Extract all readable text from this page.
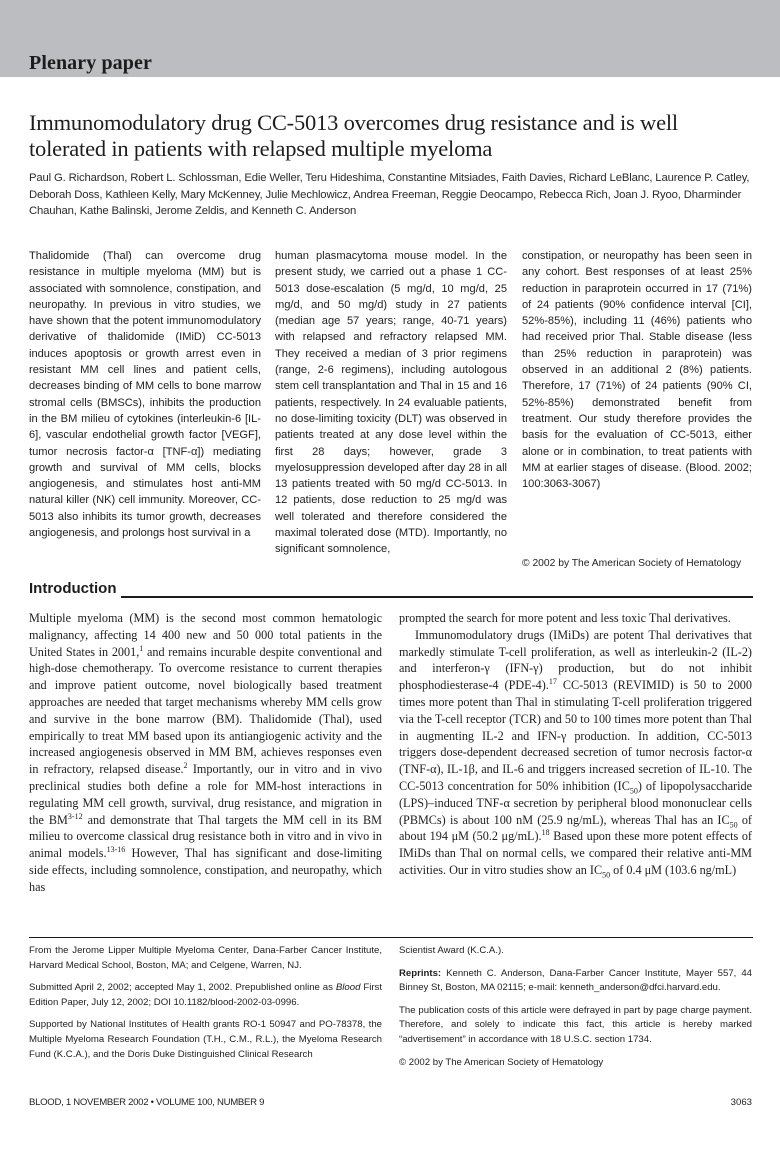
Plenary paper
Immunomodulatory drug CC-5013 overcomes drug resistance and is well tolerated in patients with relapsed multiple myeloma
Paul G. Richardson, Robert L. Schlossman, Edie Weller, Teru Hideshima, Constantine Mitsiades, Faith Davies, Richard LeBlanc, Laurence P. Catley, Deborah Doss, Kathleen Kelly, Mary McKenney, Julie Mechlowicz, Andrea Freeman, Reggie Deocampo, Rebecca Rich, Joan J. Ryoo, Dharminder Chauhan, Kathe Balinski, Jerome Zeldis, and Kenneth C. Anderson
Thalidomide (Thal) can overcome drug resistance in multiple myeloma (MM) but is associated with somnolence, constipation, and neuropathy. In previous in vitro studies, we have shown that the potent immunomodulatory derivative of thalidomide (IMiD) CC-5013 induces apoptosis or growth arrest even in resistant MM cell lines and patient cells, decreases binding of MM cells to bone marrow stromal cells (BMSCs), inhibits the production in the BM milieu of cytokines (interleukin-6 [IL-6], vascular endothelial growth factor [VEGF], tumor necrosis factor-α [TNF-α]) mediating growth and survival of MM cells, blocks angiogenesis, and stimulates host anti-MM natural killer (NK) cell immunity. Moreover, CC-5013 also inhibits its tumor growth, decreases angiogenesis, and prolongs host survival in a
human plasmacytoma mouse model. In the present study, we carried out a phase 1 CC-5013 dose-escalation (5 mg/d, 10 mg/d, 25 mg/d, and 50 mg/d) study in 27 patients (median age 57 years; range, 40-71 years) with relapsed and refractory relapsed MM. They received a median of 3 prior regimens (range, 2-6 regimens), including autologous stem cell transplantation and Thal in 15 and 16 patients, respectively. In 24 evaluable patients, no dose-limiting toxicity (DLT) was observed in patients treated at any dose level within the first 28 days; however, grade 3 myelosuppression developed after day 28 in all 13 patients treated with 50 mg/d CC-5013. In 12 patients, dose reduction to 25 mg/d was well tolerated and therefore considered the maximal tolerated dose (MTD). Importantly, no significant somnolence,
constipation, or neuropathy has been seen in any cohort. Best responses of at least 25% reduction in paraprotein occurred in 17 (71%) of 24 patients (90% confidence interval [CI], 52%-85%), including 11 (46%) patients who had received prior Thal. Stable disease (less than 25% reduction in paraprotein) was observed in an additional 2 (8%) patients. Therefore, 17 (71%) of 24 patients (90% CI, 52%-85%) demonstrated benefit from treatment. Our study therefore provides the basis for the evaluation of CC-5013, either alone or in combination, to treat patients with MM at earlier stages of disease. (Blood. 2002; 100:3063-3067)
© 2002 by The American Society of Hematology
Introduction

Multiple myeloma (MM) is the second most common hematologic malignancy, affecting 14 400 new and 50 000 total patients in the United States in 2001,$^1$ and remains incurable despite conventional and high-dose chemotherapy. To overcome resistance to current therapies and improve patient outcome, novel biologically based treatment approaches are needed that target mechanisms whereby MM cells grow and survive in the bone marrow (BM). Thalidomide (Thal), used empirically to treat MM based upon its antiangiogenic activity and the increased angiogenesis observed in MM BM, achieves responses even in refractory, relapsed disease.$^2$ Importantly, our in vitro and in vivo preclinical studies both define a role for MM-host interactions in regulating MM cell growth, survival, drug resistance, and migration in the BM$^{3-12}$ and demonstrate that Thal targets the MM cell in its BM milieu to overcome classical drug resistance both in vitro and in vivo in animal models.$^{13-16}$ However, Thal has significant and dose-limiting side effects, including somnolence, constipation, and neuropathy, which has

prompted the search for more potent and less toxic Thal derivatives.

Immunomodulatory drugs (IMiDs) are potent Thal derivatives that markedly stimulate T-cell proliferation, as well as interleukin-2 (IL-2) and interferon-γ (IFN-γ) production, but do not inhibit phosphodiesterase-4 (PDE-4).$^{17}$ CC-5013 (REVIMID) is 50 to 2000 times more potent than Thal in stimulating T-cell proliferation triggered via the T-cell receptor (TCR) and 50 to 100 times more potent than Thal in augmenting IL-2 and IFN-γ production. In addition, CC-5013 triggers dose-dependent decreased secretion of tumor necrosis factor-α (TNF-α), IL-1β, and IL-6 and triggers increased secretion of IL-10. The CC-5013 concentration for 50% inhibition $(IC_{50})$ of lipopolysaccharide (LPS)–induced TNF-α secretion by peripheral blood mononuclear cells (PBMCs) is about 100 nM (25.9 ng/mL), whereas Thal has an $IC_{50}$ of about 194 μM (50.2 μg/mL).$^{18}$ Based upon these more potent effects of IMiDs than Thal on normal cells, we compared their relative anti-MM activities. Our in vitro studies show an $IC_{50}$ of 0.4 μM (103.6 ng/mL)

From the Jerome Lipper Multiple Myeloma Center, Dana-Farber Cancer Institute, Harvard Medical School, Boston, MA; and Celgene, Warren, NJ.

Submitted April 2, 2002; accepted May 1, 2002. Prepublished online as Blood First Edition Paper, July 12, 2002; DOI 10.1182/blood-2002-03-0996.

Supported by National Institutes of Health grants RO-1 50947 and PO-78378, the Multiple Myeloma Research Foundation (T.H., C.M., R.L.), the Myeloma Research Fund (K.C.A.), and the Doris Duke Distinguished Clinical Research

Scientist Award (K.C.A.).

Reprints: Kenneth C. Anderson, Dana-Farber Cancer Institute, Mayer 557, 44 Binney St, Boston, MA 02115; e-mail: kenneth_anderson@dfci.harvard.edu.

The publication costs of this article were defrayed in part by page charge payment. Therefore, and solely to indicate this fact, this article is hereby marked “advertisement” in accordance with 18 U.S.C. section 1734.

© 2002 by The American Society of Hematology

BLOOD, 1 NOVEMBER 2002 • VOLUME 100, NUMBER 9	3063
